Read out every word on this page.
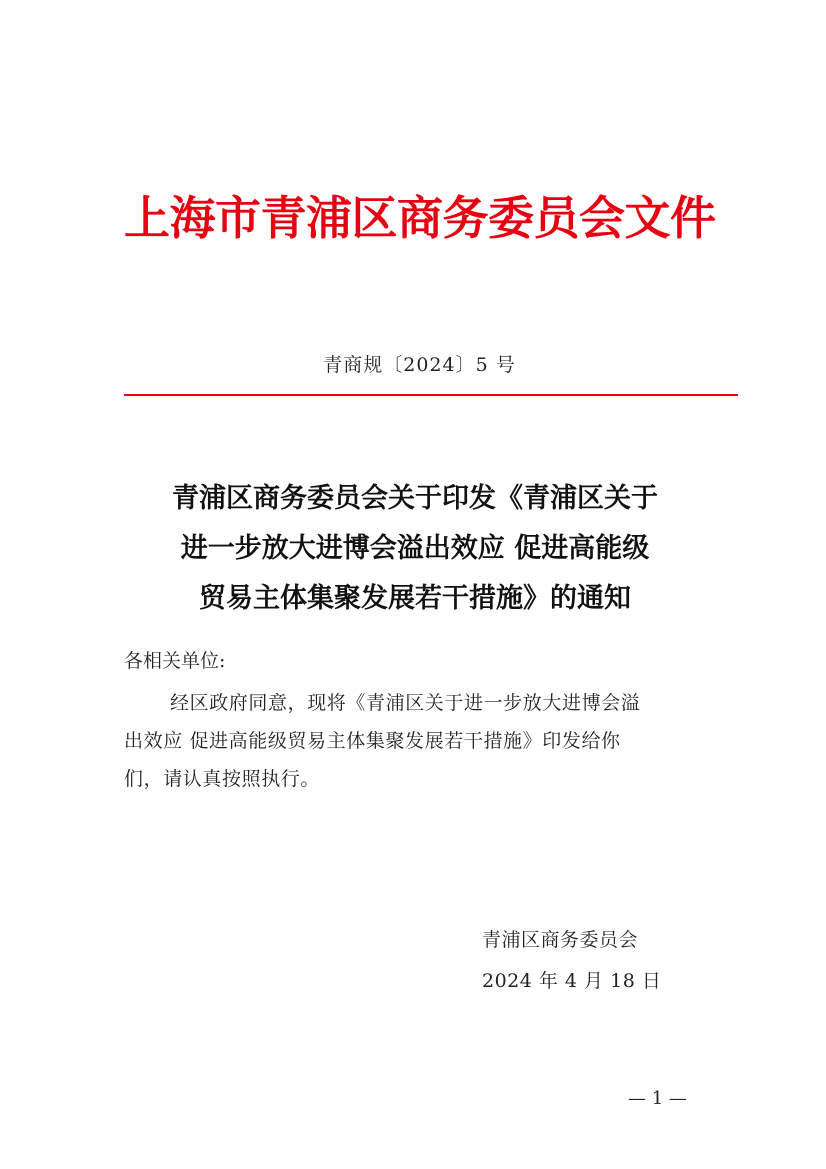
上海市青浦区商务委员会文件
青商规〔2024〕5 号
青浦区商务委员会关于印发《青浦区关于
进一步放大进博会溢出效应 促进高能级
贸易主体集聚发展若干措施》的通知
各相关单位:
经区政府同意，现将《青浦区关于进一步放大进博会溢
出效应 促进高能级贸易主体集聚发展若干措施》印发给你
们，请认真按照执行。
青浦区商务委员会
2024 年 4 月 18 日
— 1 —
